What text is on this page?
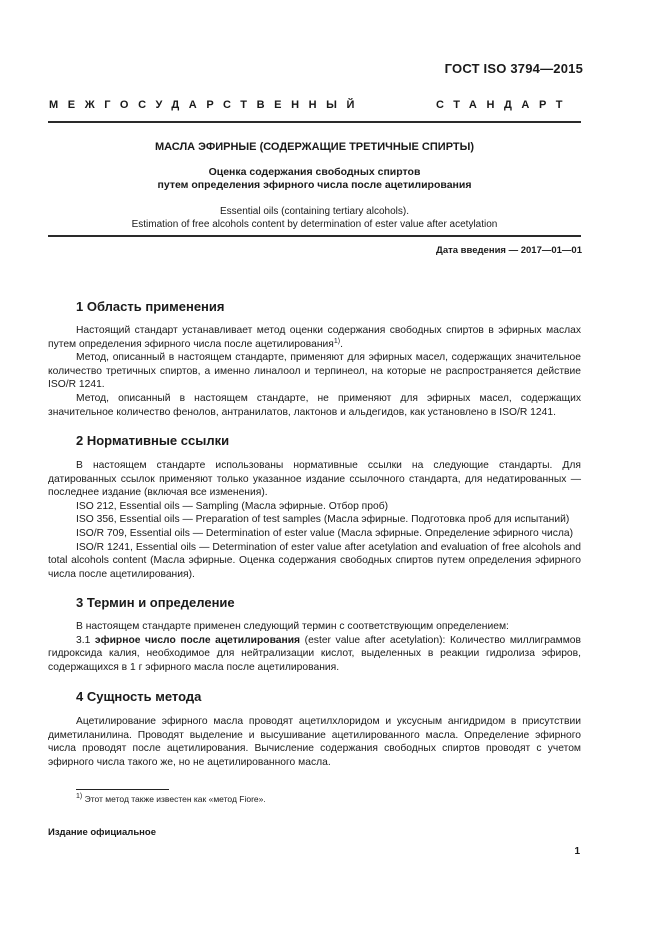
ГОСТ ISO 3794—2015
МЕЖГОСУДАРСТВЕННЫЙ	СТАНДАРТ
МАСЛА ЭФИРНЫЕ (СОДЕРЖАЩИЕ ТРЕТИЧНЫЕ СПИРТЫ)
Оценка содержания свободных спиртов
путем определения эфирного числа после ацетилирования
Essential oils (containing tertiary alcohols).
Estimation of free alcohols content by determination of ester value after acetylation
Дата введения — 2017—01—01
1 Область применения

Настоящий стандарт устанавливает метод оценки содержания свободных спиртов в эфирных маслах путем определения эфирного числа после ацетилирования$^{1)}$.

Метод, описанный в настоящем стандарте, применяют для эфирных масел, содержащих значительное количество третичных спиртов, а именно линалоол и терпинеол, на которые не распространяется действие ISO/R 1241.

Метод, описанный в настоящем стандарте, не применяют для эфирных масел, содержащих значительное количество фенолов, антранилатов, лактонов и альдегидов, как установлено в ISO/R 1241.

2 Нормативные ссылки

В настоящем стандарте использованы нормативные ссылки на следующие стандарты. Для датированных ссылок применяют только указанное издание ссылочного стандарта, для недатированных — последнее издание (включая все изменения).

ISO 212, Essential oils — Sampling (Масла эфирные. Отбор проб)

ISO 356, Essential oils — Preparation of test samples (Масла эфирные. Подготовка проб для испытаний)

ISO/R 709, Essential oils — Determination of ester value (Масла эфирные. Определение эфирного числа)

ISO/R 1241, Essential oils — Determination of ester value after acetylation and evaluation of free alcohols and total alcohols content (Масла эфирные. Оценка содержания свободных спиртов путем определения эфирного числа после ацетилирования).

3 Термин и определение

В настоящем стандарте применен следующий термин с соответствующим определением:

3.1 эфирное число после ацетилирования (ester value after acetylation): Количество миллиграммов гидроксида калия, необходимое для нейтрализации кислот, выделенных в реакции гидролиза эфиров, содержащихся в 1 г эфирного масла после ацетилирования.

4 Сущность метода

Ацетилирование эфирного масла проводят ацетилхлоридом и уксусным ангидридом в присутствии диметиланилина. Проводят выделение и высушивание ацетилированного масла. Определение эфирного числа проводят после ацетилирования. Вычисление содержания свободных спиртов проводят с учетом эфирного числа такого же, но не ацетилированного масла.

$^{1)}$ Этот метод также известен как «метод Fiore».
Издание официальное
1
